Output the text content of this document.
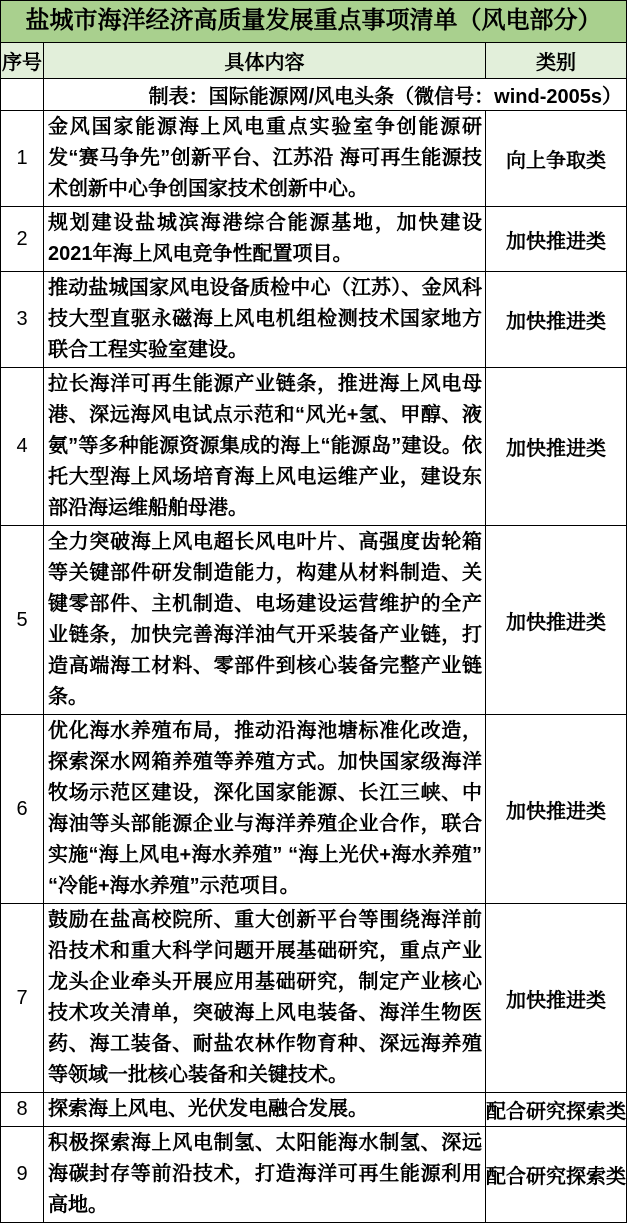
盐城市海洋经济高质量发展重点事项清单（风电部分）		
序号	具体内容	类别
	制表：国际能源网/风电头条（微信号：wind-2005s）	
1	金风国家能源海上风电重点实验室争创能源研发“赛马争先”创新平台、江苏沿 海可再生能源技术创新中心争创国家技术创新中心。	向上争取类
2	规划建设盐城滨海港综合能源基地，加快建设2021年海上风电竞争性配置项目。	加快推进类
3	推动盐城国家风电设备质检中心（江苏）、金风科技大型直驱永磁海上风电机组检测技术国家地方联合工程实验室建设。	加快推进类
4	拉长海洋可再生能源产业链条，推进海上风电母港、深远海风电试点示范和“风光+氢、甲醇、液氨”等多种能源资源集成的海上“能源岛”建设。依托大型海上风场培育海上风电运维产业，建设东部沿海运维船舶母港。	加快推进类
5	全力突破海上风电超长风电叶片、高强度齿轮箱等关键部件研发制造能力，构建从材料制造、关键零部件、主机制造、电场建设运营维护的全产业链条，加快完善海洋油气开采装备产业链，打造高端海工材料、零部件到核心装备完整产业链条。	加快推进类
6	优化海水养殖布局，推动沿海池塘标准化改造，探索深水网箱养殖等养殖方式。加快国家级海洋牧场示范区建设，深化国家能源、长江三峡、中海油等头部能源企业与海洋养殖企业合作，联合实施“海上风电+海水养殖” “海上光伏+海水养殖” “冷能+海水养殖”示范项目。	加快推进类
7	鼓励在盐高校院所、重大创新平台等围绕海洋前沿技术和重大科学问题开展基础研究，重点产业龙头企业牵头开展应用基础研究，制定产业核心技术攻关清单，突破海上风电装备、海洋生物医药、海工装备、耐盐农林作物育种、深远海养殖等领域一批核心装备和关键技术。	加快推进类
8	探索海上风电、光伏发电融合发展。	配合研究探索类
9	积极探索海上风电制氢、太阳能海水制氢、深远海碳封存等前沿技术，打造海洋可再生能源利用高地。	配合研究探索类
